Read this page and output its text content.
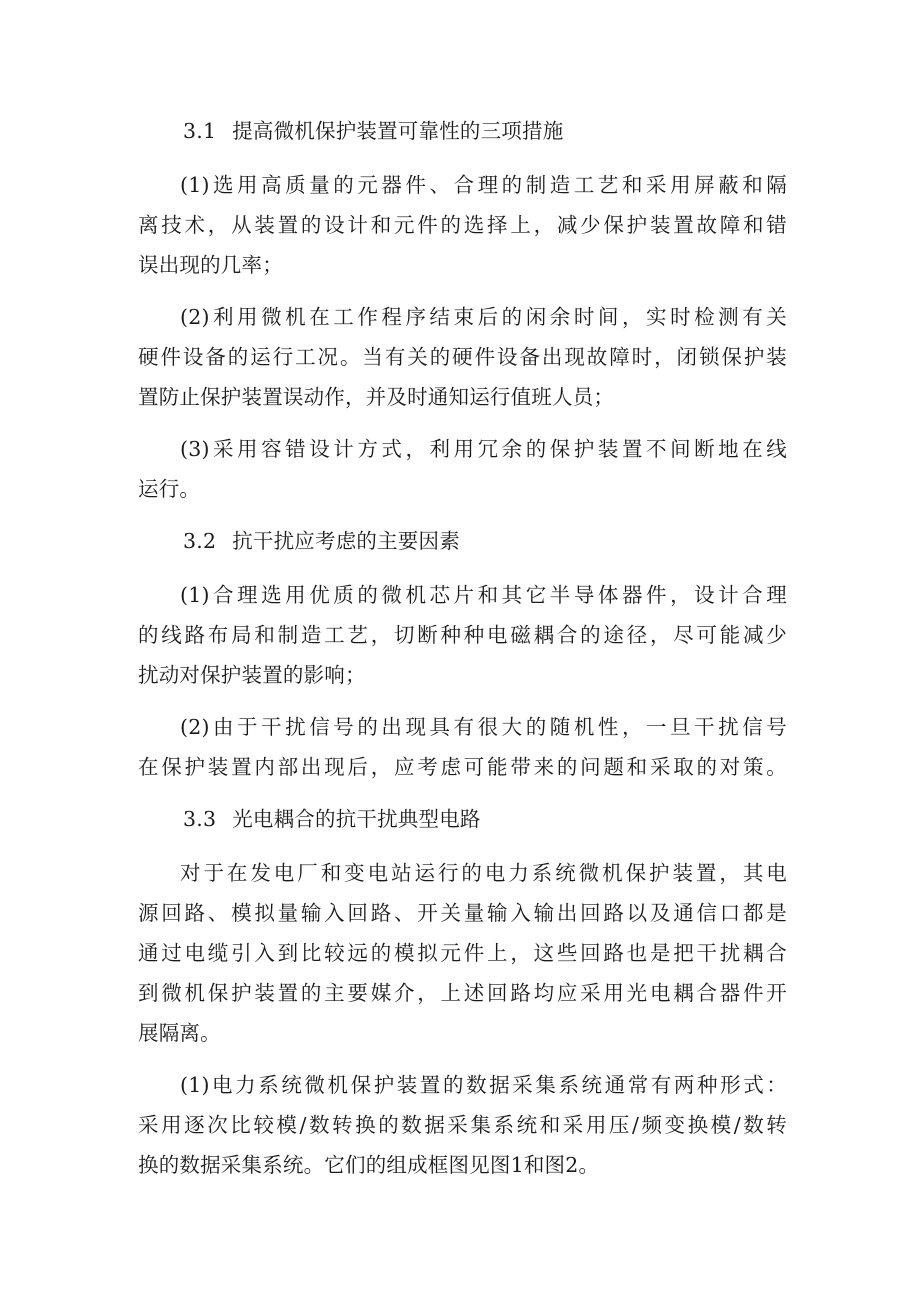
3.1 提高微机保护装置可靠性的三项措施
(1)选用高质量的元器件、合理的制造工艺和采用屏蔽和隔
离技术，从装置的设计和元件的选择上，减少保护装置故障和错
误出现的几率；
(2)利用微机在工作程序结束后的闲余时间，实时检测有关
硬件设备的运行工况。当有关的硬件设备出现故障时，闭锁保护装
置防止保护装置误动作，并及时通知运行值班人员；
(3)采用容错设计方式，利用冗余的保护装置不间断地在线
运行。
3.2 抗干扰应考虑的主要因素
(1)合理选用优质的微机芯片和其它半导体器件，设计合理
的线路布局和制造工艺，切断种种电磁耦合的途径，尽可能减少
扰动对保护装置的影响；
(2)由于干扰信号的出现具有很大的随机性，一旦干扰信号
在保护装置内部出现后，应考虑可能带来的问题和采取的对策。
3.3 光电耦合的抗干扰典型电路
对于在发电厂和变电站运行的电力系统微机保护装置，其电
源回路、模拟量输入回路、开关量输入输出回路以及通信口都是
通过电缆引入到比较远的模拟元件上，这些回路也是把干扰耦合
到微机保护装置的主要媒介，上述回路均应采用光电耦合器件开
展隔离。
(1)电力系统微机保护装置的数据采集系统通常有两种形式：
采用逐次比较模/数转换的数据采集系统和采用压/频变换模/数转
换的数据采集系统。它们的组成框图见图1和图2。
